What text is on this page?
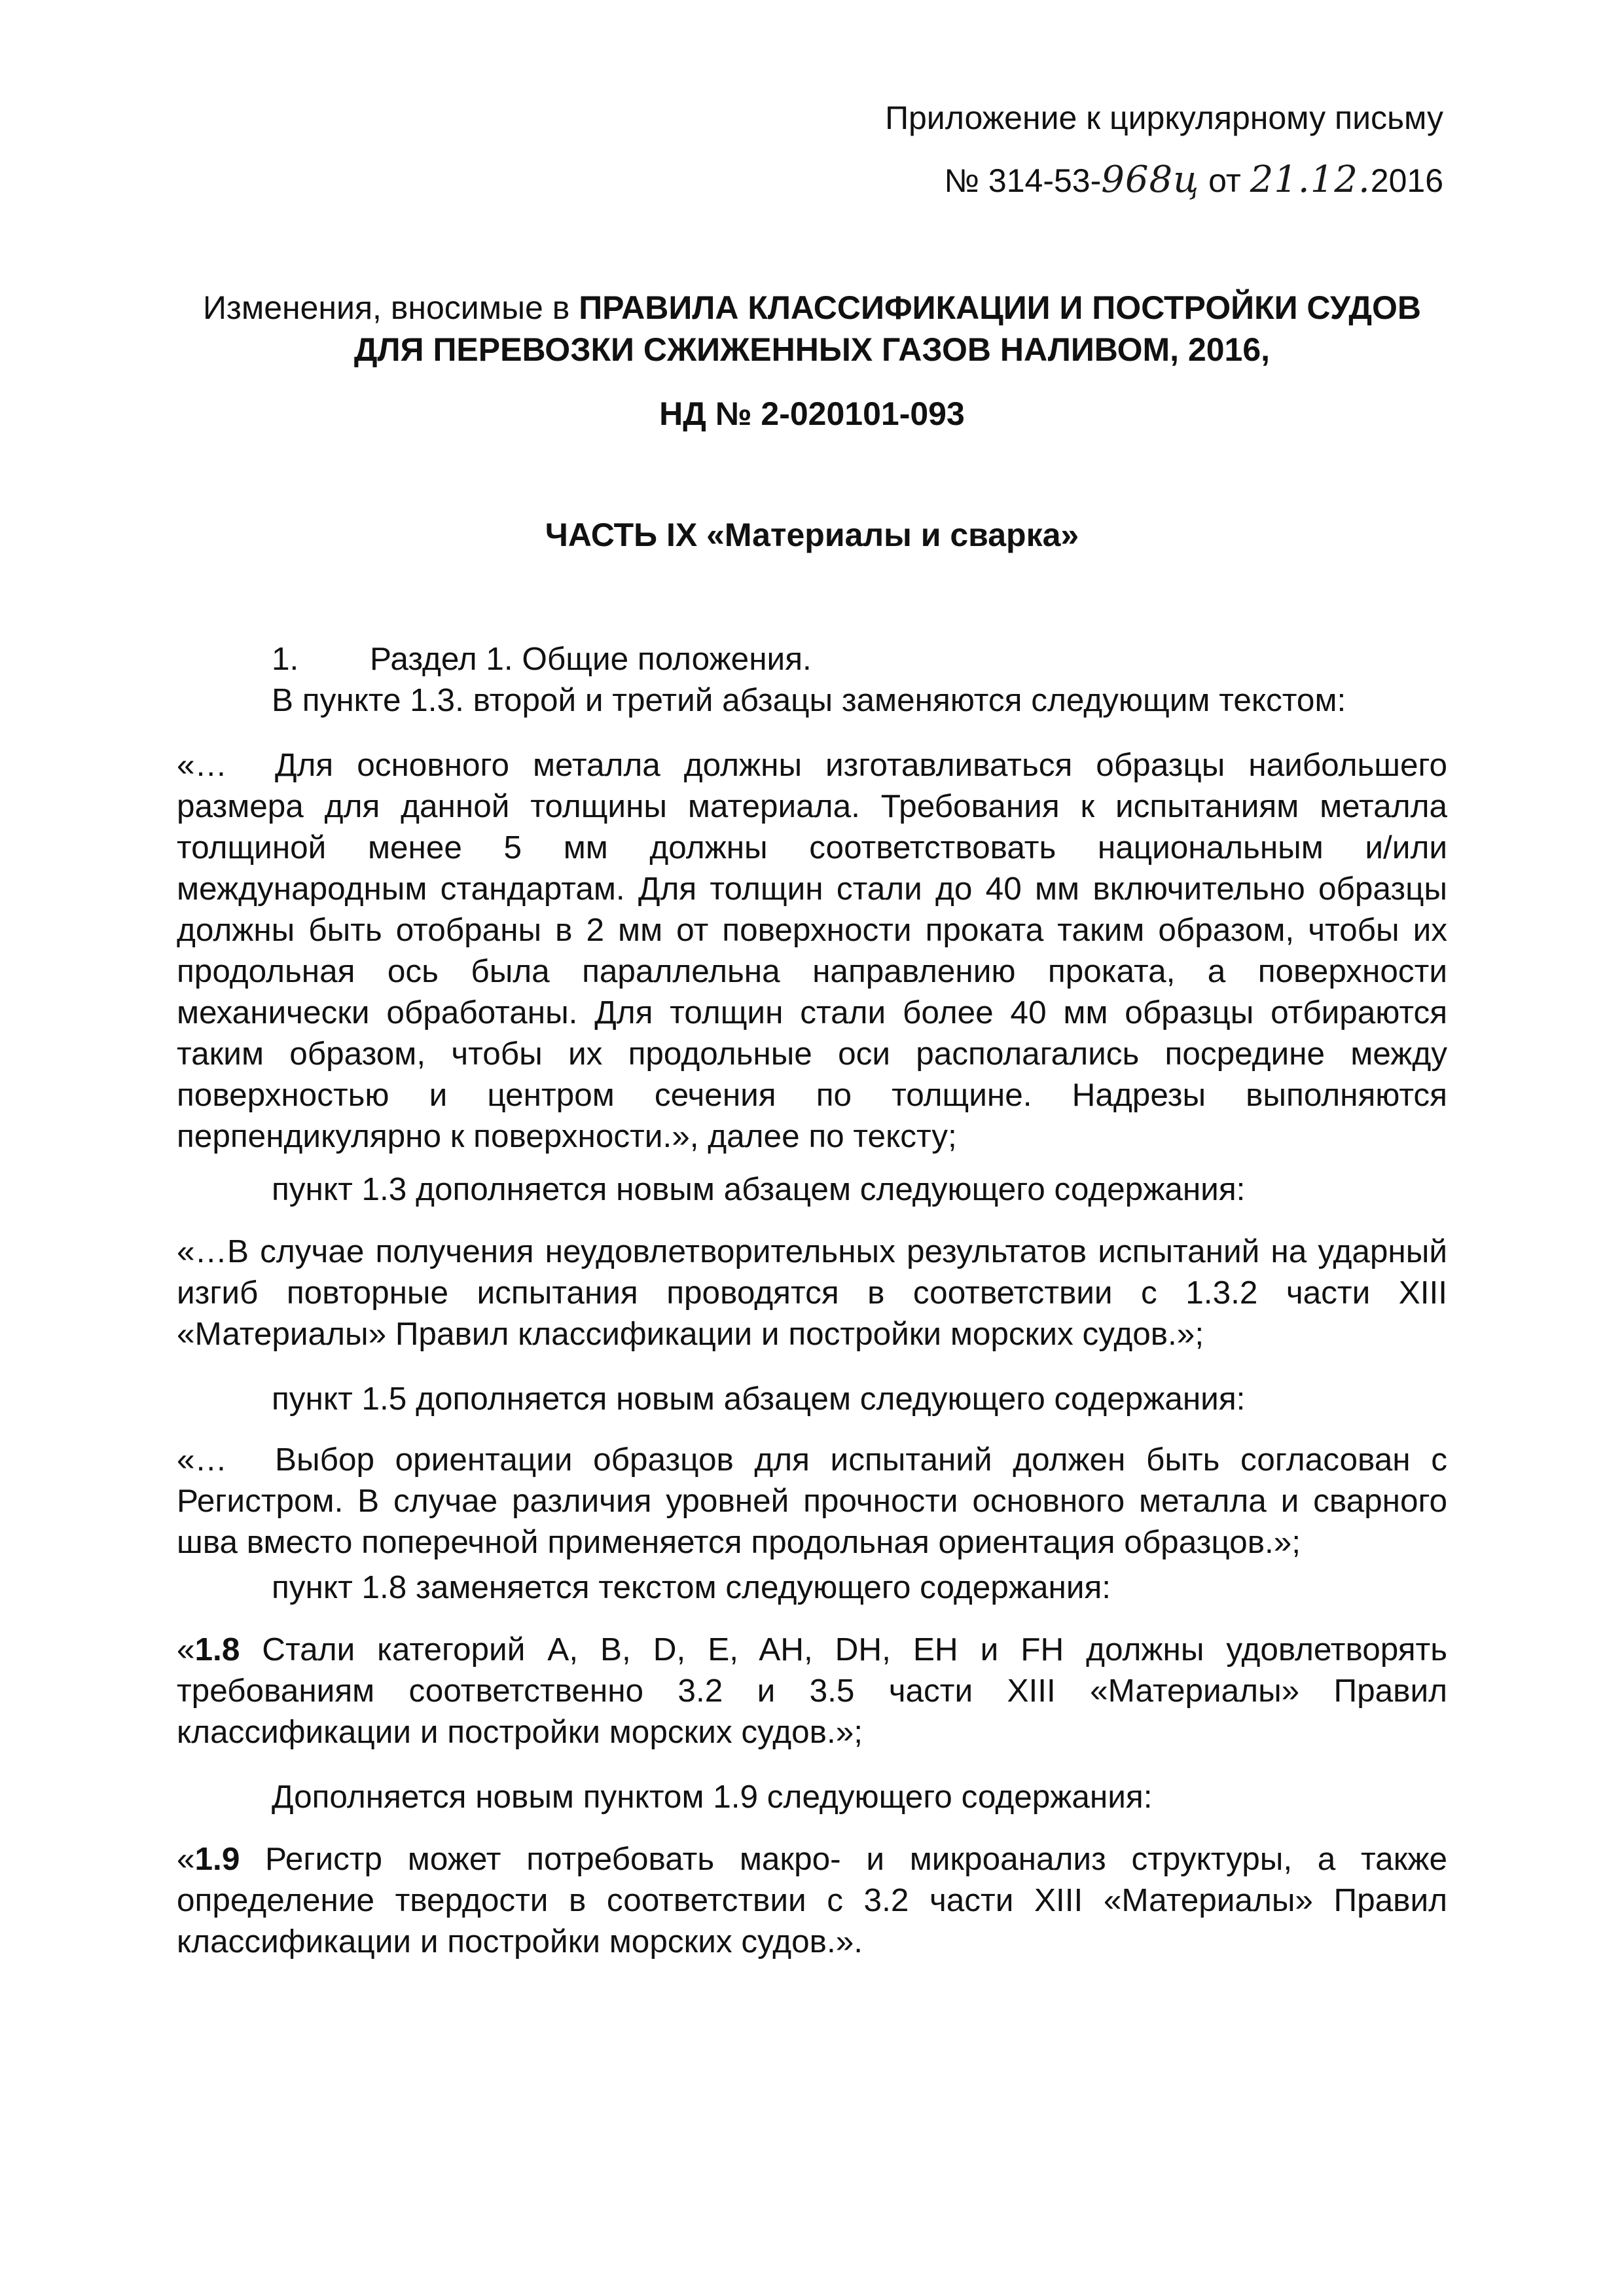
Приложение к циркулярному письму
№ 314-53-968ц от 21.12.2016
Изменения, вносимые в ПРАВИЛА КЛАССИФИКАЦИИ И ПОСТРОЙКИ СУДОВ
ДЛЯ ПЕРЕВОЗКИ СЖИЖЕННЫХ ГАЗОВ НАЛИВОМ, 2016,
НД № 2-020101-093
ЧАСТЬ IX «Материалы и сварка»
1. Раздел 1. Общие положения.
В пункте 1.3. второй и третий абзацы заменяются следующим текстом:
«… Для основного металла должны изготавливаться образцы наибольшего размера для данной толщины материала. Требования к испытаниям металла толщиной менее 5 мм должны соответствовать национальным и/или международным стандартам. Для толщин стали до 40 мм включительно образцы должны быть отобраны в 2 мм от поверхности проката таким образом, чтобы их продольная ось была параллельна направлению проката, а поверхности механически обработаны. Для толщин стали более 40 мм образцы отбираются таким образом, чтобы их продольные оси располагались посредине между поверхностью и центром сечения по толщине. Надрезы выполняются перпендикулярно к поверхности.», далее по тексту;
пункт 1.3 дополняется новым абзацем следующего содержания:
«…В случае получения неудовлетворительных результатов испытаний на ударный изгиб повторные испытания проводятся в соответствии с 1.3.2 части XIII «Материалы» Правил классификации и постройки морских судов.»;
пункт 1.5 дополняется новым абзацем следующего содержания:
«… Выбор ориентации образцов для испытаний должен быть согласован с Регистром. В случае различия уровней прочности основного металла и сварного шва вместо поперечной применяется продольная ориентация образцов.»;
пункт 1.8 заменяется текстом следующего содержания:
«1.8 Стали категорий A, B, D, E, AH, DH, EH и FH должны удовлетворять требованиям соответственно 3.2 и 3.5 части XIII «Материалы» Правил классификации и постройки морских судов.»;
Дополняется новым пунктом 1.9 следующего содержания:
«1.9 Регистр может потребовать макро- и микроанализ структуры, а также определение твердости в соответствии с 3.2 части XIII «Материалы» Правил классификации и постройки морских судов.».
